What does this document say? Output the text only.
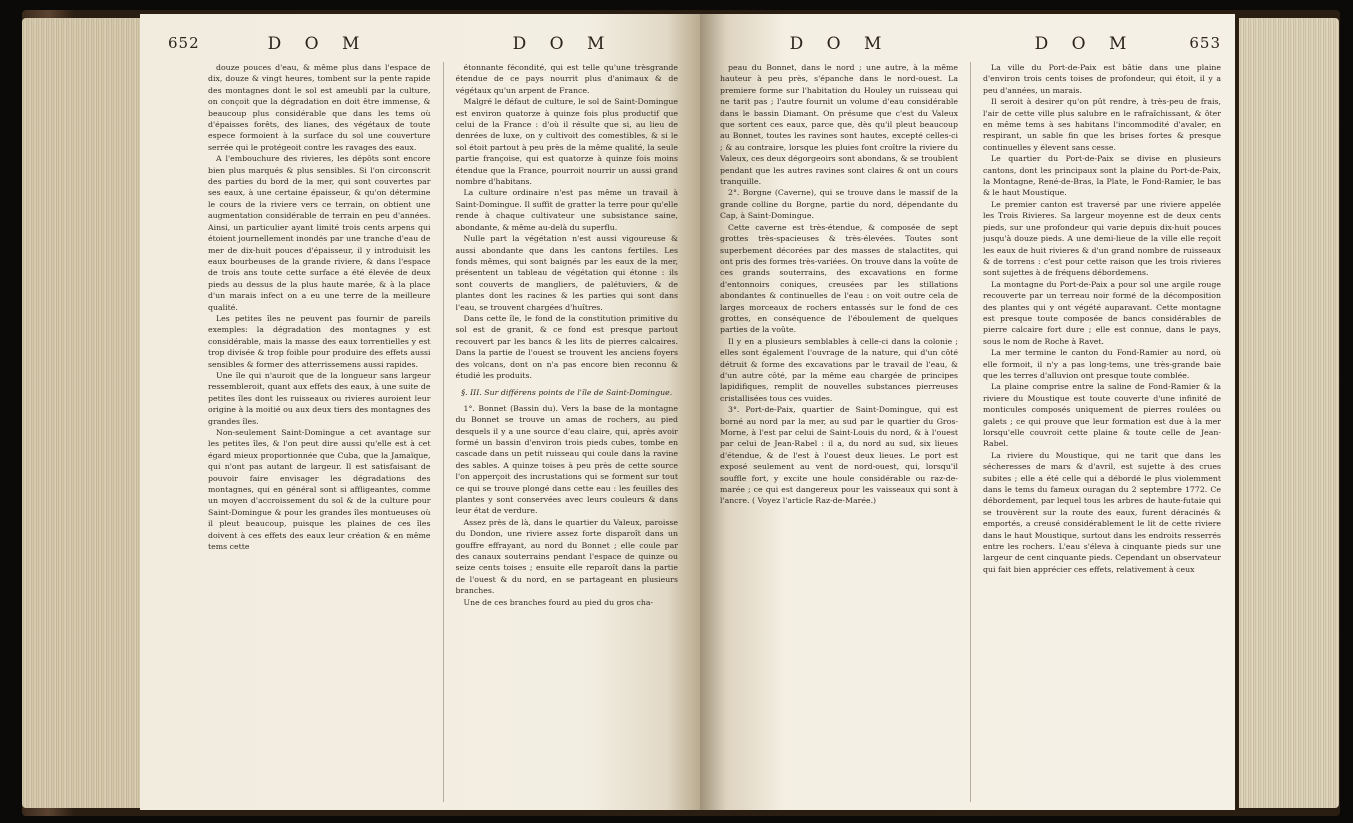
652	D O M	D O M

douze pouces d'eau, & même plus dans l'espace de dix, douze & vingt heures, tombent sur la pente rapide des montagnes dont le sol est ameubli par la culture, on conçoit que la dégradation en doit être immense, & beaucoup plus considérable que dans les tems où d'épaisses forêts, des lianes, des végétaux de toute espece formoient à la surface du sol une couverture serrée qui le protégeoit contre les ravages des eaux.

A l'embouchure des rivieres, les dépôts sont encore bien plus marqués & plus sensibles. Si l'on circonscrit des parties du bord de la mer, qui sont couvertes par ses eaux, à une certaine épaisseur, & qu'on détermine le cours de la riviere vers ce terrain, on obtient une augmentation considérable de terrain en peu d'années. Ainsi, un particulier ayant limité trois cents arpens qui étoient journellement inondés par une tranche d'eau de mer de dix-huit pouces d'épaisseur, il y introduisit les eaux bourbeuses de la grande riviere, & dans l'espace de trois ans toute cette surface a été élevée de deux pieds au dessus de la plus haute marée, & à la place d'un marais infect on a eu une terre de la meilleure qualité.

Les petites îles ne peuvent pas fournir de pareils exemples: la dégradation des montagnes y est considérable, mais la masse des eaux torrentielles y est trop divisée & trop foible pour produire des effets aussi sensibles & former des atterrissemens aussi rapides.

Une île qui n'auroit que de la longueur sans largeur ressembleroit, quant aux effets des eaux, à une suite de petites îles dont les ruisseaux ou rivieres auroient leur origine à la moitié ou aux deux tiers des montagnes des grandes îles.

Non-seulement Saint-Domingue a cet avantage sur les petites îles, & l'on peut dire aussi qu'elle est à cet égard mieux proportionnée que Cuba, que la Jamaïque, qui n'ont pas autant de largeur. Il est satisfaisant de pouvoir faire envisager les dégradations des montagnes, qui en général sont si affligeantes, comme un moyen d'accroissement du sol & de la culture pour Saint-Domingue & pour les grandes îles montueuses où il pleut beaucoup, puisque les plaines de ces îles doivent à ces effets des eaux leur création & en même tems cette

étonnante fécondité, qui est telle qu'une trèsgrande étendue de ce pays nourrit plus d'animaux & de végétaux qu'un arpent de France.

Malgré le défaut de culture, le sol de Saint-Domingue est environ quatorze à quinze fois plus productif que celui de la France : d'où il résulte que si, au lieu de denrées de luxe, on y cultivoit des comestibles, & si le sol étoit partout à peu près de la même qualité, la seule partie françoise, qui est quatorze à quinze fois moins étendue que la France, pourroit nourrir un aussi grand nombre d'habitans.

La culture ordinaire n'est pas même un travail à Saint-Domingue. Il suffit de gratter la terre pour qu'elle rende à chaque cultivateur une subsistance saine, abondante, & même au-delà du superflu.

Nulle part la végétation n'est aussi vigoureuse & aussi abondante que dans les cantons fertiles. Les fonds mêmes, qui sont baignés par les eaux de la mer, présentent un tableau de végétation qui étonne : ils sont couverts de mangliers, de palétuviers, & de plantes dont les racines & les parties qui sont dans l'eau, se trouvent chargées d'huîtres.

Dans cette île, le fond de la constitution primitive du sol est de granit, & ce fond est presque partout recouvert par les bancs & les lits de pierres calcaires. Dans la partie de l'ouest se trouvent les anciens foyers des volcans, dont on n'a pas encore bien reconnu & étudié les produits.

§. III. Sur différens points de l'île de Saint-Domingue.

1°. Bonnet (Bassin du). Vers la base de la montagne du Bonnet se trouve un amas de rochers, au pied desquels il y a une source d'eau claire, qui, après avoir formé un bassin d'environ trois pieds cubes, tombe en cascade dans un petit ruisseau qui coule dans la ravine des sables. A quinze toises à peu près de cette source l'on apperçoit des incrustations qui se forment sur tout ce qui se trouve plongé dans cette eau : les feuilles des plantes y sont conservées avec leurs couleurs & dans leur état de verdure.

Assez près de là, dans le quartier du Valeux, paroisse du Dondon, une riviere assez forte disparoît dans un gouffre effrayant, au nord du Bonnet ; elle coule par des canaux souterrains pendant l'espace de quinze ou seize cents toises ; ensuite elle reparoît dans la partie de l'ouest & du nord, en se partageant en plusieurs branches.

Une de ces branches fourd au pied du gros cha-

D O M	D O M	653

peau du Bonnet, dans le nord ; une autre, à la même hauteur à peu près, s'épanche dans le nord-ouest. La premiere forme sur l'habitation du Houley un ruisseau qui ne tarit pas ; l'autre fournit un volume d'eau considérable dans le bassin Diamant. On présume que c'est du Valeux que sortent ces eaux, parce que, dès qu'il pleut beaucoup au Bonnet, toutes les ravines sont hautes, excepté celles-ci ; & au contraire, lorsque les pluies font croître la riviere du Valeux, ces deux dégorgeoirs sont abondans, & se troublent pendant que les autres ravines sont claires & ont un cours tranquille.

2°. Borgne (Caverne), qui se trouve dans le massif de la grande colline du Borgne, partie du nord, dépendante du Cap, à Saint-Domingue.

Cette caverne est très-étendue, & composée de sept grottes très-spacieuses & très-élevées. Toutes sont superbement décorées par des masses de stalactites, qui ont pris des formes très-variées. On trouve dans la voûte de ces grands souterrains, des excavations en forme d'entonnoirs coniques, creusées par les stillations abondantes & continuelles de l'eau : on voit outre cela de larges morceaux de rochers entassés sur le fond de ces grottes, en conséquence de l'éboulement de quelques parties de la voûte.

Il y en a plusieurs semblables à celle-ci dans la colonie ; elles sont également l'ouvrage de la nature, qui d'un côté détruit & forme des excavations par le travail de l'eau, & d'un autre côté, par la même eau chargée de principes lapidifiques, remplit de nouvelles substances pierreuses cristallisées tous ces vuides.

3°. Port-de-Paix, quartier de Saint-Domingue, qui est borné au nord par la mer, au sud par le quartier du Gros-Morne, à l'est par celui de Saint-Louis du nord, & à l'ouest par celui de Jean-Rabel : il a, du nord au sud, six lieues d'étendue, & de l'est à l'ouest deux lieues. Le port est exposé seulement au vent de nord-ouest, qui, lorsqu'il souffle fort, y excite une houle considérable ou raz-de-marée ; ce qui est dangereux pour les vaisseaux qui sont à l'ancre. ( Voyez l'article Raz-de-Marée.)

La ville du Port-de-Paix est bâtie dans une plaine d'environ trois cents toises de profondeur, qui étoit, il y a peu d'années, un marais.

Il seroit à desirer qu'on pût rendre, à très-peu de frais, l'air de cette ville plus salubre en le rafraîchissant, & ôter en même tems à ses habitans l'incommodité d'avaler, en respirant, un sable fin que les brises fortes & presque continuelles y élevent sans cesse.

Le quartier du Port-de-Paix se divise en plusieurs cantons, dont les principaux sont la plaine du Port-de-Paix, la Montagne, René-de-Bras, la Plate, le Fond-Ramier, le bas & le haut Moustique.

Le premier canton est traversé par une riviere appelée les Trois Rivieres. Sa largeur moyenne est de deux cents pieds, sur une profondeur qui varie depuis dix-huit pouces jusqu'à douze pieds. A une demi-lieue de la ville elle reçoit les eaux de huit rivieres & d'un grand nombre de ruisseaux & de torrens : c'est pour cette raison que les trois rivieres sont sujettes à de fréquens débordemens.

La montagne du Port-de-Paix a pour sol une argile rouge recouverte par un terreau noir formé de la décomposition des plantes qui y ont végété auparavant. Cette montagne est presque toute composée de bancs considérables de pierre calcaire fort dure ; elle est connue, dans le pays, sous le nom de Roche à Ravet.

La mer termine le canton du Fond-Ramier au nord, où elle formoit, il n'y a pas long-tems, une très-grande baie que les terres d'alluvion ont presque toute comblée.

La plaine comprise entre la saline de Fond-Ramier & la riviere du Moustique est toute couverte d'une infinité de monticules composés uniquement de pierres roulées ou galets ; ce qui prouve que leur formation est due à la mer lorsqu'elle couvroit cette plaine & toute celle de Jean-Rabel.

La riviere du Moustique, qui ne tarit que dans les sécheresses de mars & d'avril, est sujette à des crues subites ; elle a été celle qui a débordé le plus violemment dans le tems du fameux ouragan du 2 septembre 1772. Ce débordement, par lequel tous les arbres de haute-futaie qui se trouvèrent sur la route des eaux, furent déracinés & emportés, a creusé considérablement le lit de cette riviere dans le haut Moustique, surtout dans les endroits resserrés entre les rochers. L'eau s'éleva à cinquante pieds sur une largeur de cent cinquante pieds. Cependant un observateur qui fait bien apprécier ces effets, relativement à ceux
